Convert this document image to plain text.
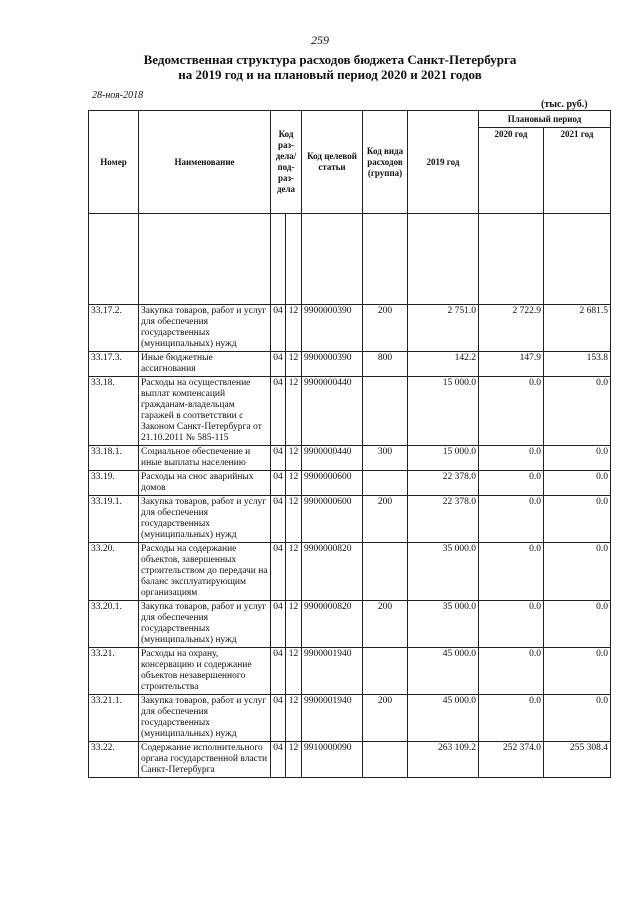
259
Ведомственная структура расходов бюджета Санкт-Петербурга
на 2019 год и на плановый период 2020 и 2021 годов
28-ноя-2018
(тыс. руб.)
Номер	Наименование	Код раз- дела/ под- раз- дела		Код целевой статьи	Код вида расходов (группа)	2019 год	Плановый период	
							2020 год	2021 год

33.17.2.	Закупка товаров, работ и услуг для обеспечения государственных (муниципальных) нужд	04	12	9900000390	200	2 751.0	2 722.9	2 681.5
33.17.3.	Иные бюджетные ассигнования	04	12	9900000390	800	142.2	147.9	153.8
33.18.	Расходы на осуществление выплат компенсаций гражданам-владельцам гаражей в соответствии с Законом Санкт-Петербурга от 21.10.2011 № 585-115	04	12	9900000440		15 000.0	0.0	0.0
33.18.1.	Социальное обеспечение и иные выплаты населению	04	12	9900000440	300	15 000.0	0.0	0.0
33.19.	Расходы на снос аварийных домов	04	12	9900000600		22 378.0	0.0	0.0
33.19.1.	Закупка товаров, работ и услуг для обеспечения государственных (муниципальных) нужд	04	12	9900000600	200	22 378.0	0.0	0.0
33.20.	Расходы на содержание объектов, завершенных строительством до передачи на баланс эксплуатирующим организациям	04	12	9900000820		35 000.0	0.0	0.0
33.20.1.	Закупка товаров, работ и услуг для обеспечения государственных (муниципальных) нужд	04	12	9900000820	200	35 000.0	0.0	0.0
33.21.	Расходы на охрану, консервацию и содержание объектов незавершенного строительства	04	12	9900001940		45 000.0	0.0	0.0
33.21.1.	Закупка товаров, работ и услуг для обеспечения государственных (муниципальных) нужд	04	12	9900001940	200	45 000.0	0.0	0.0
33.22.	Содержание исполнительного органа государственной власти Санкт-Петербурга	04	12	9910000090		263 109.2	252 374.0	255 308.4
